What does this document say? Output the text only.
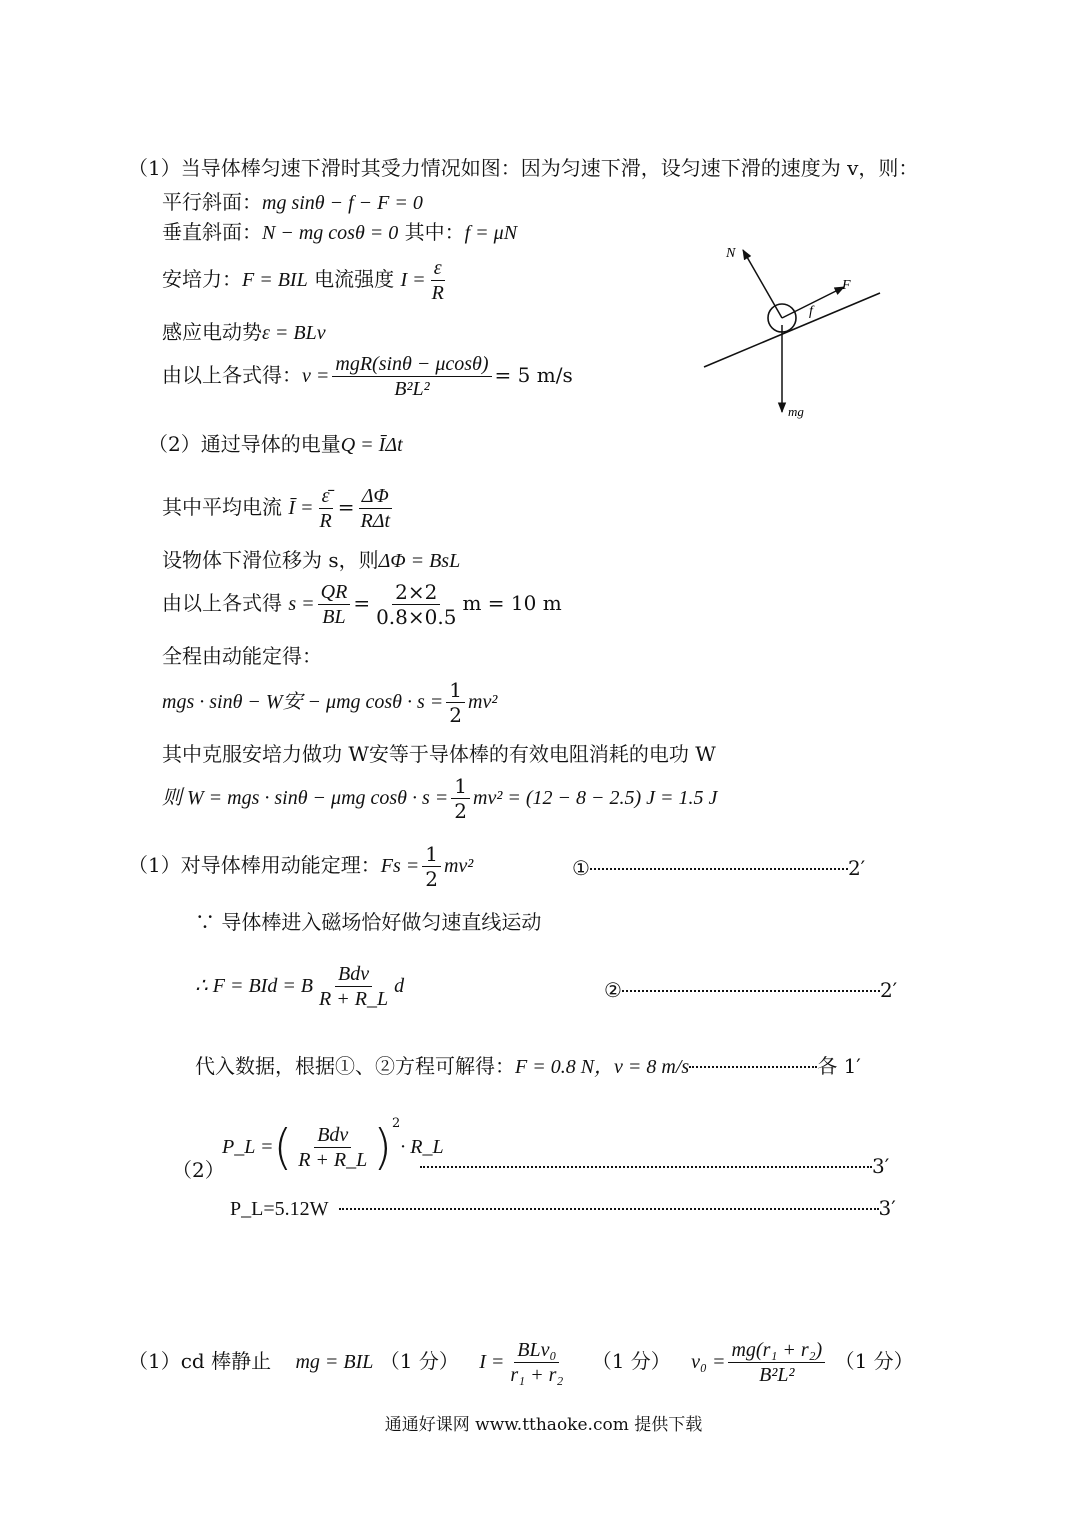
（1）当导体棒匀速下滑时其受力情况如图：因为匀速下滑，设匀速下滑的速度为 v，则：
平行斜面：mg sinθ − f − F = 0
垂直斜面：N − mg cosθ = 0 其中：f = μN
安培力：F = BIL 电流强度 $I = \frac{\varepsilon}{R}$
感应电动势ε = BLv
由以上各式得：$v = \frac{\text{mgR(sinθ − μcosθ)}}{\text{B²L²}} = 5$ m/s
N
F
f
mg
（2）通过导体的电量Q = ĪΔt
其中平均电流 Ī = $\frac{\varepsilon̄}{R} = \frac{\Delta\Phi}{\text{RΔt}}$
设物体下滑位移为 s，则ΔΦ = BsL
由以上各式得 $s = \frac{QR}{BL} = \frac{2\times 2}{0.8\times 0.5}$ m = 10 m
全程由动能定得：
mgs · sinθ − W安 − μmg $\cos\theta \cdot s = \frac{1}{2} mv^2$
其中克服安培力做功 W安等于导体棒的有效电阻消耗的电功 W
则 W = mgs · sinθ − μmg $\cos\theta \cdot s = \frac{1}{2} mv^2 = (12 - 8 - 2.5) J = 1.5$ J
（1）对导体棒用动能定理：$Fs = \frac{1}{2} mv^2$	①	2′
∵ 导体棒进入磁场恰好做匀速直线运动
∴ F = BId = B $\frac{\text{Bdv}}{R + R\_L}$ d	②	2′
代入数据，根据①、②方程可解得：F = 0.8 N，v = 8 m/s	各 1′
（2）
P_L =( $\frac{\text{Bdv}}{R + R\_L} )^2\cdot$ R_L
3′
P_L=5.12W	3′
（1）cd 棒静止 mg = BIL （1 分） $I = \frac{\text{BLv₀}}{\text{r₁ + r₂}} (1$ 分） $v_0 = \frac{\text{mg(r₁ + r₂)}}{\text{B²L²}} (1$ 分）
通通好课网 www.tthaoke.com 提供下载
